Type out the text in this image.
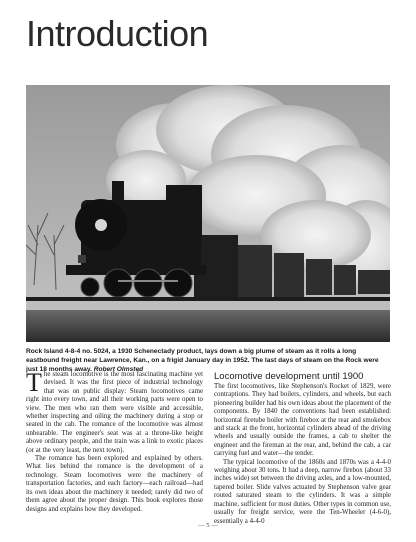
Introduction
Rock Island 4-8-4 no. 5024, a 1930 Schenectady product, lays down a big plume of steam as it rolls a long eastbound freight near Lawrence, Kan., on a frigid January day in 1952. The last days of steam on the Rock were just 18 months away. Robert Olmsted
T he steam locomotive is the most fascinating machine yet devised. It was the first piece of industrial technology that was on public display: Steam locomotives came right into every town, and all their working parts were open to view. The men who ran them were visible and accessible, whether inspecting and oiling the machinery during a stop or seated in the cab. The romance of the locomotive was almost unbearable. The engineer's seat was at a throne-like height above ordinary people, and the train was a link to exotic places (or at the very least, the next town).

The romance has been explored and explained by others. What lies behind the romance is the development of a technology. Steam locomotives were the machinery of transportation factories, and each factory—each railroad—had its own ideas about the machinery it needed; rarely did two of them agree about the proper design. This book explores those designs and explains how they developed.

Locomotive development until 1900

The first locomotives, like Stephenson's Rocket of 1829, were contraptions. They had boilers, cylinders, and wheels, but each pioneering builder had his own ideas about the placement of the components. By 1840 the conventions had been established: horizontal firetube boiler with firebox at the rear and smokebox and stack at the front, horizontal cylinders ahead of the driving wheels and usually outside the frames, a cab to shelter the engineer and the fireman at the rear, and, behind the cab, a car carrying fuel and water—the tender.

The typical locomotive of the 1860s and 1870s was a 4-4-0 weighing about 30 tons. It had a deep, narrow firebox (about 33 inches wide) set between the driving axles, and a low-mounted, tapered boiler. Slide valves actuated by Stephenson valve gear routed saturated steam to the cylinders. It was a simple machine, sufficient for most duties. Other types in common use, usually for freight service, were the Ten-Wheeler (4-6-0), essentially a 4-4-0

— 5 —
